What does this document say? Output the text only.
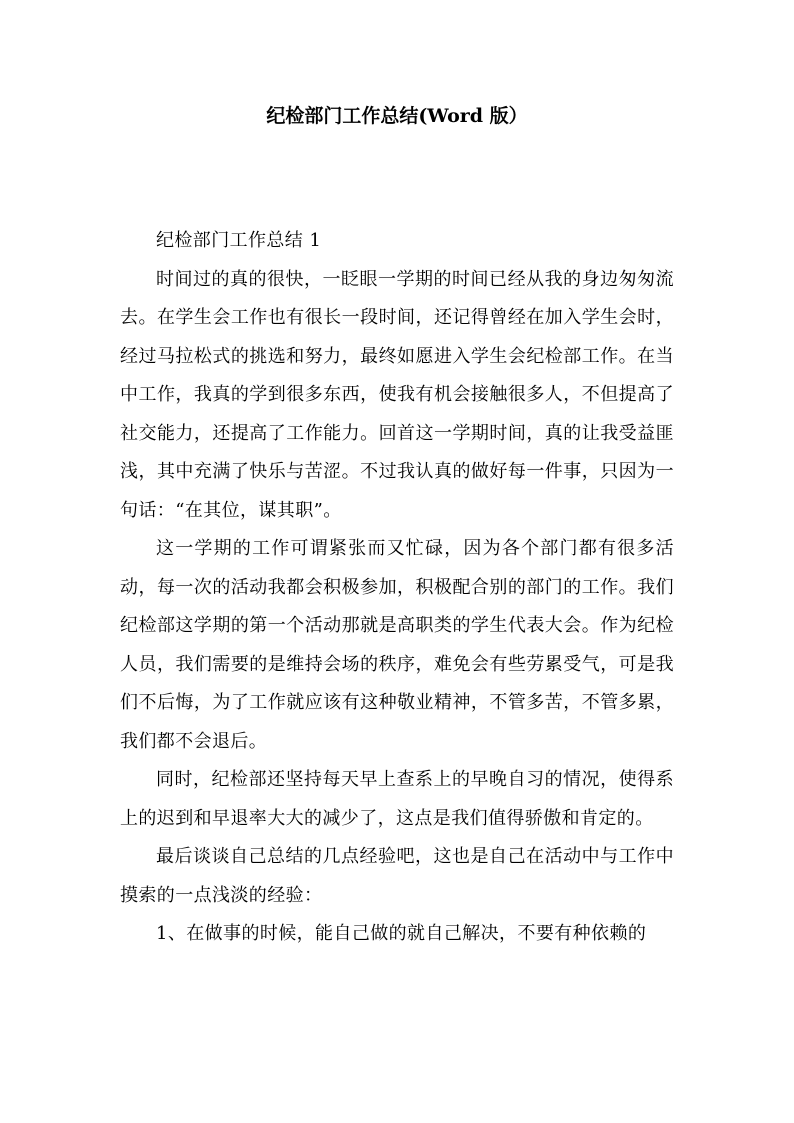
纪检部门工作总结(Word 版）

纪检部门工作总结 1

时间过的真的很快，一眨眼一学期的时间已经从我的身边匆匆流去。在学生会工作也有很长一段时间，还记得曾经在加入学生会时，经过马拉松式的挑选和努力，最终如愿进入学生会纪检部工作。在当中工作，我真的学到很多东西，使我有机会接触很多人，不但提高了社交能力，还提高了工作能力。回首这一学期时间，真的让我受益匪浅，其中充满了快乐与苦涩。不过我认真的做好每一件事，只因为一句话：“在其位，谋其职”。

这一学期的工作可谓紧张而又忙碌，因为各个部门都有很多活动，每一次的活动我都会积极参加，积极配合别的部门的工作。我们纪检部这学期的第一个活动那就是高职类的学生代表大会。作为纪检人员，我们需要的是维持会场的秩序，难免会有些劳累受气，可是我们不后悔，为了工作就应该有这种敬业精神，不管多苦，不管多累，我们都不会退后。

同时，纪检部还坚持每天早上查系上的早晚自习的情况，使得系上的迟到和早退率大大的减少了，这点是我们值得骄傲和肯定的。

最后谈谈自己总结的几点经验吧，这也是自己在活动中与工作中摸索的一点浅淡的经验：

1、在做事的时候，能自己做的就自己解决，不要有种依赖的
